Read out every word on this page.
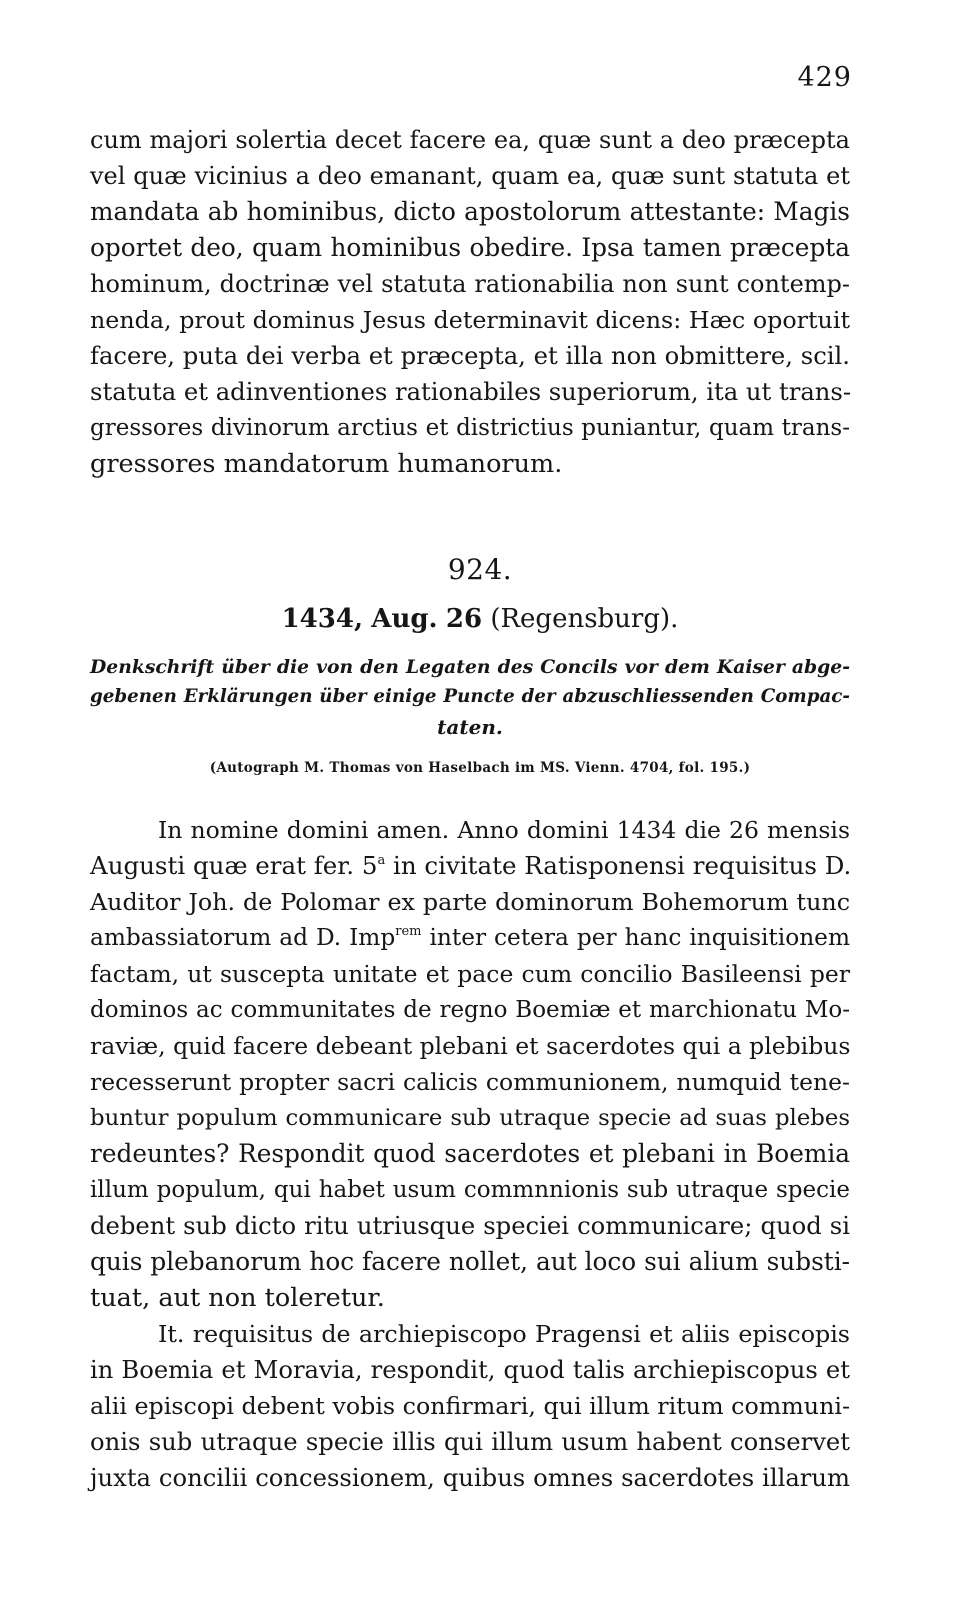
429
cum majori solertia decet facere ea, quæ sunt a deo præcepta
vel quæ vicinius a deo emanant, quam ea, quæ sunt statuta et
mandata ab hominibus, dicto apostolorum attestante: Magis
oportet deo, quam hominibus obedire. Ipsa tamen præcepta
hominum, doctrinæ vel statuta rationabilia non sunt contemp-
nenda, prout dominus Jesus determinavit dicens: Hæc oportuit
facere, puta dei verba et præcepta, et illa non obmittere, scil.
statuta et adinventiones rationabiles superiorum, ita ut trans-
gressores divinorum arctius et districtius puniantur, quam trans-
gressores mandatorum humanorum.
924.
1434, Aug. 26 (Regensburg).
Denkschrift über die von den Legaten des Concils vor dem Kaiser abge-
gebenen Erklärungen über einige Puncte der abzuschliessenden Compac-
taten.
(Autograph M. Thomas von Haselbach im MS. Vienn. 4704, fol. 195.)
In nomine domini amen. Anno domini 1434 die 26 mensis
Augusti quæ erat fer. 5$^a$ in civitate Ratisponensi requisitus D.
Auditor Joh. de Polomar ex parte dominorum Bohemorum tunc
ambassiatorum ad D. Imp$^{rem}$ inter cetera per hanc inquisitionem
factam, ut suscepta unitate et pace cum concilio Basileensi per
dominos ac communitates de regno Boemiæ et marchionatu Mo-
raviæ, quid facere debeant plebani et sacerdotes qui a plebibus
recesserunt propter sacri calicis communionem, numquid tene-
buntur populum communicare sub utraque specie ad suas plebes
redeuntes? Respondit quod sacerdotes et plebani in Boemia
illum populum, qui habet usum commnnionis sub utraque specie
debent sub dicto ritu utriusque speciei communicare; quod si
quis plebanorum hoc facere nollet, aut loco sui alium substi-
tuat, aut non toleretur.
It. requisitus de archiepiscopo Pragensi et aliis episcopis
in Boemia et Moravia, respondit, quod talis archiepiscopus et
alii episcopi debent vobis confirmari, qui illum ritum communi-
onis sub utraque specie illis qui illum usum habent conservet
juxta concilii concessionem, quibus omnes sacerdotes illarum
